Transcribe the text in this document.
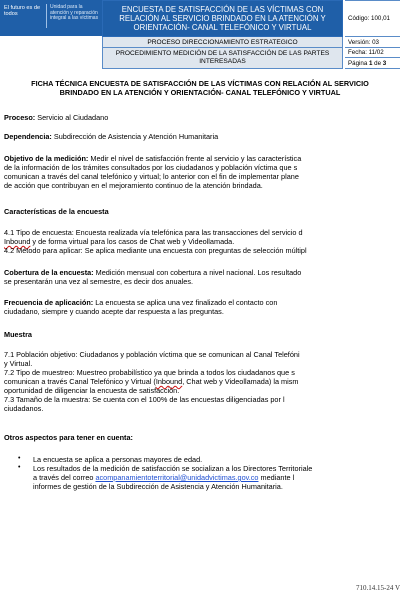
El futuro es de todos
Unidad para la atención y reparación integral a las víctimas
ENCUESTA DE SATISFACCIÓN DE LAS VÍCTIMAS CON RELACIÓN AL SERVICIO BRINDADO EN LA ATENCIÓN Y ORIENTACIÓN- CANAL TELEFÓNICO Y VIRTUAL
Código: 100,01
PROCESO DIRECCIONAMIENTO ESTRATEGICO	Versión: 03
PROCEDIMIENTO MEDICIÓN DE LA SATISFACCIÓN DE LAS PARTES INTERESADAS
Fecha: 11/02
Página 1 de 3
FICHA TÉCNICA ENCUESTA DE SATISFACCIÓN DE LAS VÍCTIMAS CON RELACIÓN AL SERVICIO
BRINDADO EN LA ATENCIÓN Y ORIENTACIÓN- CANAL TELEFÓNICO Y VIRTUAL
Proceso: Servicio al Ciudadano
Dependencia: Subdirección de Asistencia y Atención Humanitaria
Objetivo de la medición: Medir el nivel de satisfacción frente al servicio y las característica
de la información de los trámites consultados por los ciudadanos y población víctima que s
comunican a través del canal telefónico y virtual; lo anterior con el fin de implementar plane
de acción que contribuyan en el mejoramiento continuo de la atención brindada.
Características de la encuesta
4.1 Tipo de encuesta: Encuesta realizada vía telefónica para las transacciones del servicio d
Inbound y de forma virtual para los casos de Chat web y Videollamada.
4.2 Método para aplicar: Se aplica mediante una encuesta con preguntas de selección múltipl
Cobertura de la encuesta: Medición mensual con cobertura a nivel nacional. Los resultado
se presentarán una vez al semestre, es decir dos anuales.
Frecuencia de aplicación: La encuesta se aplica una vez finalizado el contacto con
ciudadano, siempre y cuando acepte dar respuesta a las preguntas.
Muestra
7.1 Población objetivo: Ciudadanos y población víctima que se comunican al Canal Telefóni
y Virtual.
7.2 Tipo de muestreo: Muestreo probabilístico ya que brinda a todos los ciudadanos que s
comunican a través Canal Telefónico y Virtual (Inbound, Chat web y Videollamada) la mism
oportunidad de diligenciar la encuesta de satisfacción.
7.3 Tamaño de la muestra: Se cuenta con el 100% de las encuestas diligenciadas por l
ciudadanos.
Otros aspectos para tener en cuenta:
• La encuesta se aplica a personas mayores de edad.
• Los resultados de la medición de satisfacción se socializan a los Directores Territoriale
a través del correo acompanamientoterritorial@unidadvictimas.gov.co mediante l
informes de gestión de la Subdirección de Asistencia y Atención Humanitaria.
710.14.15-24 V
